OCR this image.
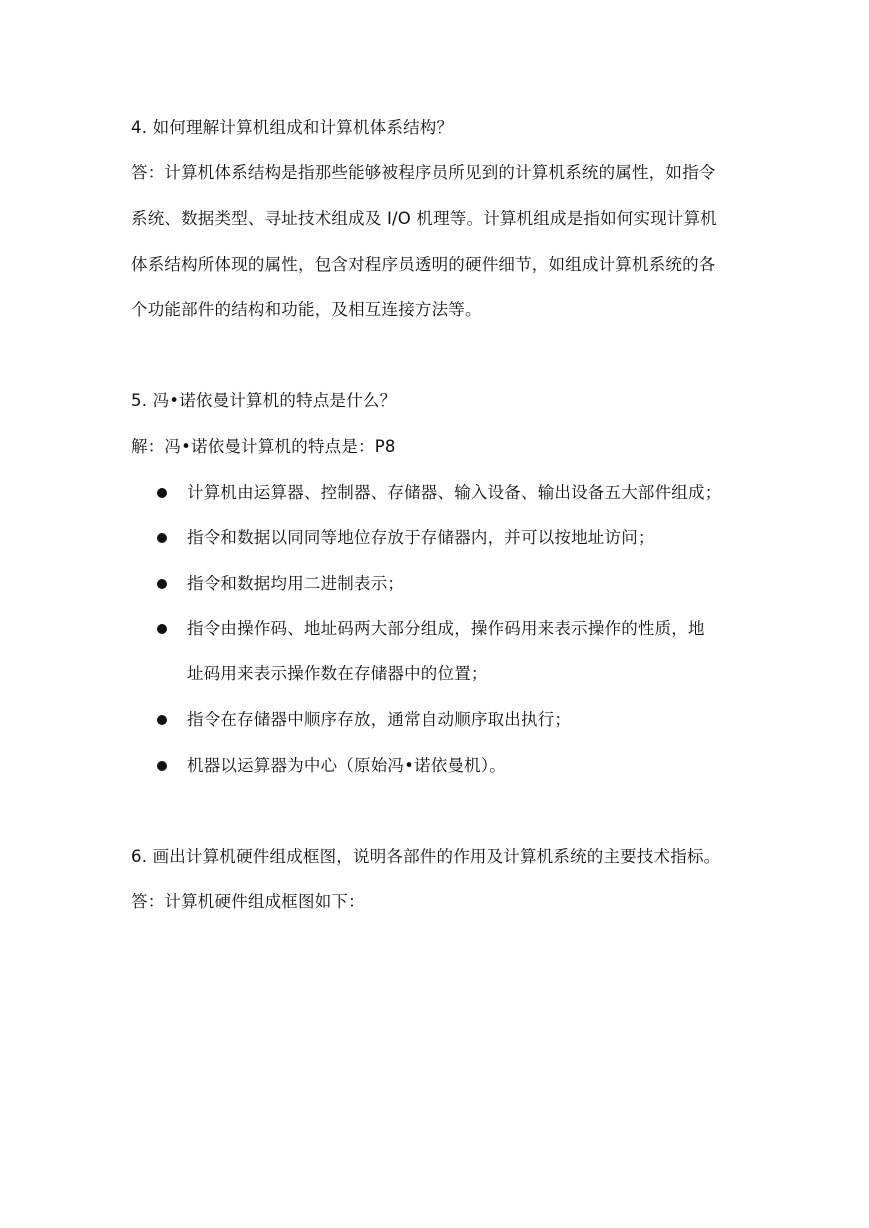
4. 如何理解计算机组成和计算机体系结构？
答：计算机体系结构是指那些能够被程序员所见到的计算机系统的属性，如指令
系统、数据类型、寻址技术组成及 I/O 机理等。计算机组成是指如何实现计算机
体系结构所体现的属性，包含对程序员透明的硬件细节，如组成计算机系统的各
个功能部件的结构和功能，及相互连接方法等。
5. 冯•诺依曼计算机的特点是什么？
解：冯•诺依曼计算机的特点是：P8
计算机由运算器、控制器、存储器、输入设备、输出设备五大部件组成；
指令和数据以同同等地位存放于存储器内，并可以按地址访问；
指令和数据均用二进制表示；
指令由操作码、地址码两大部分组成，操作码用来表示操作的性质，地
址码用来表示操作数在存储器中的位置；
指令在存储器中顺序存放，通常自动顺序取出执行；
机器以运算器为中心（原始冯•诺依曼机）。
6. 画出计算机硬件组成框图，说明各部件的作用及计算机系统的主要技术指标。
答：计算机硬件组成框图如下：
